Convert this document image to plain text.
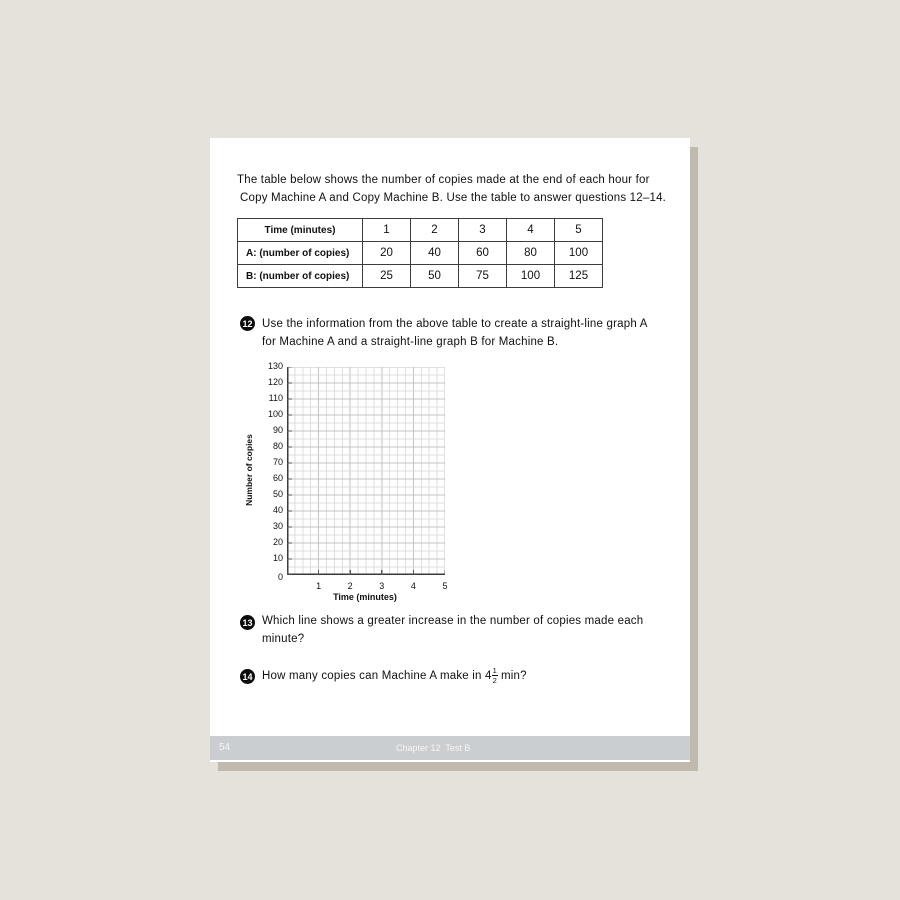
The table below shows the number of copies made at the end of each hour for
Copy Machine A and Copy Machine B. Use the table to answer questions 12–14.
Time (minutes)	1	2	3	4	5
A: (number of copies)	20	40	60	80	100
B: (number of copies)	25	50	75	100	125
12 Use the information from the above table to create a straight-line graph A
for Machine A and a straight-line graph B for Machine B.
Number of copies
0
10
20
30
40
50
60
70
80
90
100
110
120
130
1	2	3	4	5
Time (minutes)
13 Which line shows a greater increase in the number of copies made each
minute?
14 How many copies can Machine A make in $4 \frac{1}{2} \min$?
54	Chapter 12  Test B
